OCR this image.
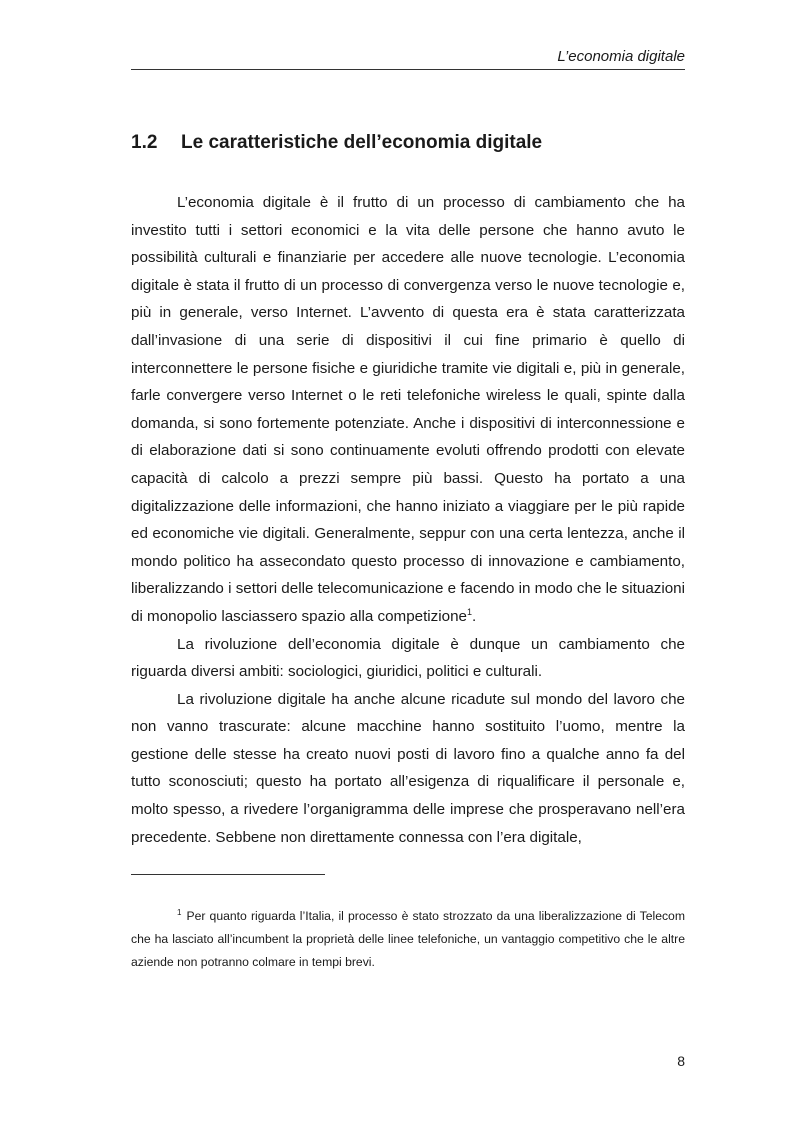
L’economia digitale
1.2 Le caratteristiche dell’economia digitale

L’economia digitale è il frutto di un processo di cambiamento che ha investito tutti i settori economici e la vita delle persone che hanno avuto le possibilità culturali e finanziarie per accedere alle nuove tecnologie. L’economia digitale è stata il frutto di un processo di convergenza verso le nuove tecnologie e, più in generale, verso Internet. L’avvento di questa era è stata caratterizzata dall’invasione di una serie di dispositivi il cui fine primario è quello di interconnettere le persone fisiche e giuridiche tramite vie digitali e, più in generale, farle convergere verso Internet o le reti telefoniche wireless le quali, spinte dalla domanda, si sono fortemente potenziate. Anche i dispositivi di interconnessione e di elaborazione dati si sono continuamente evoluti offrendo prodotti con elevate capacità di calcolo a prezzi sempre più bassi. Questo ha portato a una digitalizzazione delle informazioni, che hanno iniziato a viaggiare per le più rapide ed economiche vie digitali. Generalmente, seppur con una certa lentezza, anche il mondo politico ha assecondato questo processo di innovazione e cambiamento, liberalizzando i settori delle telecomunicazione e facendo in modo che le situazioni di monopolio lasciassero spazio alla competizione$^1$.

La rivoluzione dell’economia digitale è dunque un cambiamento che riguarda diversi ambiti: sociologici, giuridici, politici e culturali.

La rivoluzione digitale ha anche alcune ricadute sul mondo del lavoro che non vanno trascurate: alcune macchine hanno sostituito l’uomo, mentre la gestione delle stesse ha creato nuovi posti di lavoro fino a qualche anno fa del tutto sconosciuti; questo ha portato all’esigenza di riqualificare il personale e, molto spesso, a rivedere l’organigramma delle imprese che prosperavano nell’era precedente. Sebbene non direttamente connessa con l’era digitale,

$^1$ Per quanto riguarda l’Italia, il processo è stato strozzato da una liberalizzazione di Telecom che ha lasciato all’incumbent la proprietà delle linee telefoniche, un vantaggio competitivo che le altre aziende non potranno colmare in tempi brevi.

8
